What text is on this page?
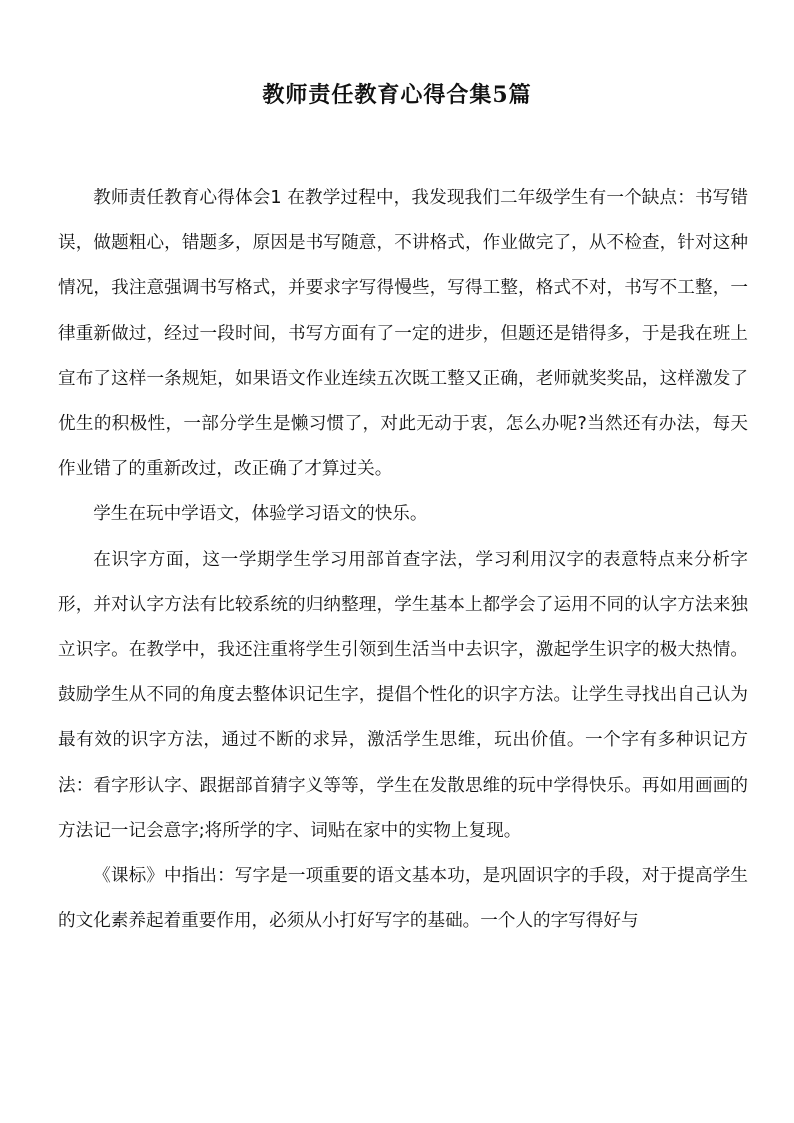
教师责任教育心得合集5篇

教师责任教育心得体会1 在教学过程中，我发现我们二年级学生有一个缺点：书写错误，做题粗心，错题多，原因是书写随意，不讲格式，作业做完了，从不检查，针对这种情况，我注意强调书写格式，并要求字写得慢些，写得工整，格式不对，书写不工整，一律重新做过，经过一段时间，书写方面有了一定的进步，但题还是错得多，于是我在班上宣布了这样一条规矩，如果语文作业连续五次既工整又正确，老师就奖奖品，这样激发了优生的积极性，一部分学生是懒习惯了，对此无动于衷，怎么办呢?当然还有办法，每天作业错了的重新改过，改正确了才算过关。

学生在玩中学语文，体验学习语文的快乐。

在识字方面，这一学期学生学习用部首查字法，学习利用汉字的表意特点来分析字形，并对认字方法有比较系统的归纳整理，学生基本上都学会了运用不同的认字方法来独立识字。在教学中，我还注重将学生引领到生活当中去识字，激起学生识字的极大热情。鼓励学生从不同的角度去整体识记生字，提倡个性化的识字方法。让学生寻找出自己认为最有效的识字方法，通过不断的求异，激活学生思维，玩出价值。一个字有多种识记方法：看字形认字、跟据部首猜字义等等，学生在发散思维的玩中学得快乐。再如用画画的方法记一记会意字;将所学的字、词贴在家中的实物上复现。

《课标》中指出：写字是一项重要的语文基本功，是巩固识字的手段，对于提高学生的文化素养起着重要作用，必须从小打好写字的基础。一个人的字写得好与
